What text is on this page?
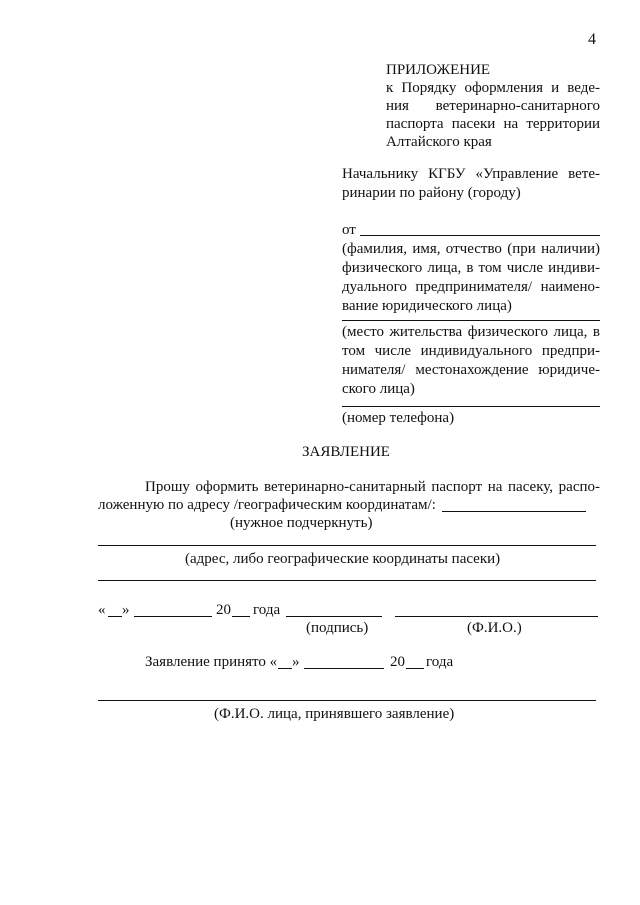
4
ПРИЛОЖЕНИЕ
к Порядку оформления и веде-
ния ветеринарно-санитарного
паспорта пасеки на территории
Алтайского края
Начальнику КГБУ «Управление вете-
ринарии по району (городу)
от
(фамилия, имя, отчество (при наличии)
физического лица, в том числе индиви-
дуального предпринимателя/ наимено-
вание юридического лица)
(место жительства физического лица, в
том числе индивидуального предпри-
нимателя/ местонахождение юридиче-
ского лица)
(номер телефона)
ЗАЯВЛЕНИЕ
Прошу оформить ветеринарно-санитарный паспорт на пасеку, распо-
ложенную по адресу /географическим координатам/:
(нужное подчеркнуть)
(адрес, либо географические координаты пасеки)
« »	20 года
(подпись)	(Ф.И.О.)
Заявление принято « »	20 года
(Ф.И.О. лица, принявшего заявление)
